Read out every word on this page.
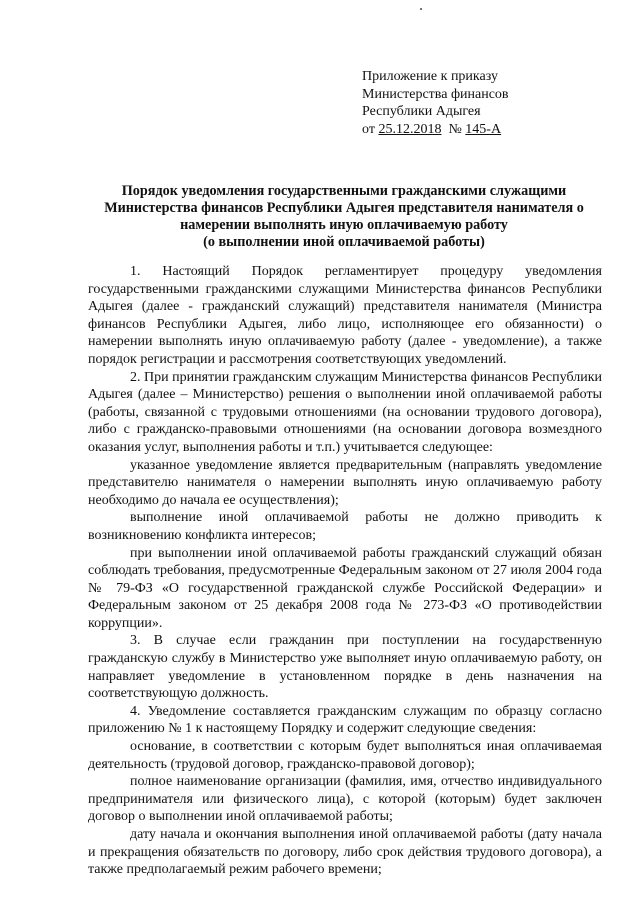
Приложение к приказу
Министерства финансов
Республики Адыгея
от 25.12.2018 № 145-А
Порядок уведомления государственными гражданскими служащими
Министерства финансов Республики Адыгея представителя нанимателя о
намерении выполнять иную оплачиваемую работу
(о выполнении иной оплачиваемой работы)

1. Настоящий Порядок регламентирует процедуру уведомления государственными гражданскими служащими Министерства финансов Республики Адыгея (далее - гражданский служащий) представителя нанимателя (Министра финансов Республики Адыгея, либо лицо, исполняющее его обязанности) о намерении выполнять иную оплачиваемую работу (далее - уведомление), а также порядок регистрации и рассмотрения соответствующих уведомлений.

2. При принятии гражданским служащим Министерства финансов Республики Адыгея (далее – Министерство) решения о выполнении иной оплачиваемой работы (работы, связанной с трудовыми отношениями (на основании трудового договора), либо с гражданско-правовыми отношениями (на основании договора возмездного оказания услуг, выполнения работы и т.п.) учитывается следующее:

указанное уведомление является предварительным (направлять уведомление представителю нанимателя о намерении выполнять иную оплачиваемую работу необходимо до начала ее осуществления);

выполнение иной оплачиваемой работы не должно приводить к возникновению конфликта интересов;

при выполнении иной оплачиваемой работы гражданский служащий обязан соблюдать требования, предусмотренные Федеральным законом от 27 июля 2004 года № 79-ФЗ «О государственной гражданской службе Российской Федерации» и Федеральным законом от 25 декабря 2008 года № 273-ФЗ «О противодействии коррупции».

3. В случае если гражданин при поступлении на государственную гражданскую службу в Министерство уже выполняет иную оплачиваемую работу, он направляет уведомление в установленном порядке в день назначения на соответствующую должность.

4. Уведомление составляется гражданским служащим по образцу согласно приложению № 1 к настоящему Порядку и содержит следующие сведения:

основание, в соответствии с которым будет выполняться иная оплачиваемая деятельность (трудовой договор, гражданско-правовой договор);

полное наименование организации (фамилия, имя, отчество индивидуального предпринимателя или физического лица), с которой (которым) будет заключен договор о выполнении иной оплачиваемой работы;

дату начала и окончания выполнения иной оплачиваемой работы (дату начала и прекращения обязательств по договору, либо срок действия трудового договора), а также предполагаемый режим рабочего времени;
